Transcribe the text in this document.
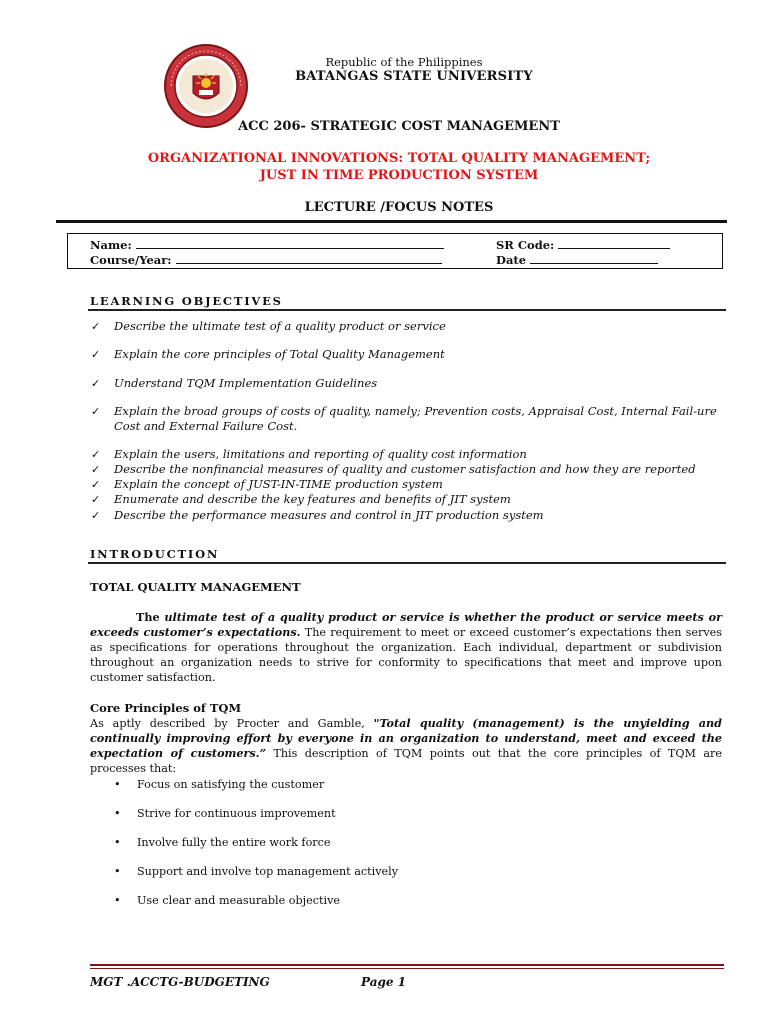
Republic of the Philippines
BATANGAS STATE UNIVERSITY
ACC 206- STRATEGIC COST MANAGEMENT
ORGANIZATIONAL INNOVATIONS: TOTAL QUALITY MANAGEMENT;
JUST IN TIME PRODUCTION SYSTEM
LECTURE /FOCUS NOTES
Name:
Course/Year:
SR Code:
Date
LEARNING OBJECTIVES
✓	Describe the ultimate test of a quality product or service
✓	Explain the core principles of Total Quality Management
✓	Understand TQM Implementation Guidelines
✓	Explain the broad groups of costs of quality, namely; Prevention costs, Appraisal Cost, Internal Fail-ure Cost and External Failure Cost.
✓	Explain the users, limitations and reporting of quality cost information
✓	Describe the nonfinancial measures of quality and customer satisfaction and how they are reported
✓	Explain the concept of JUST-IN-TIME production system
✓	Enumerate and describe the key features and benefits of JIT system
✓	Describe the performance measures and control in JIT production system
INTRODUCTION
TOTAL QUALITY MANAGEMENT
The ultimate test of a quality product or service is whether the product or service meets or exceeds customer’s expectations. The requirement to meet or exceed customer’s expectations then serves as specifications for operations throughout the organization. Each individual, department or subdivision throughout an organization needs to strive for conformity to specifications that meet and improve upon customer satisfaction.
Core Principles of TQM
As aptly described by Procter and Gamble, "Total quality (management) is the unyielding and continually improving effort by everyone in an organization to understand, meet and exceed the expectation of customers.” This description of TQM points out that the core principles of TQM are processes that:
• Focus on satisfying the customer
• Strive for continuous improvement
• Involve fully the entire work force
• Support and involve top management actively
• Use clear and measurable objective
MGT .ACCTG-BUDGETING	Page 1
